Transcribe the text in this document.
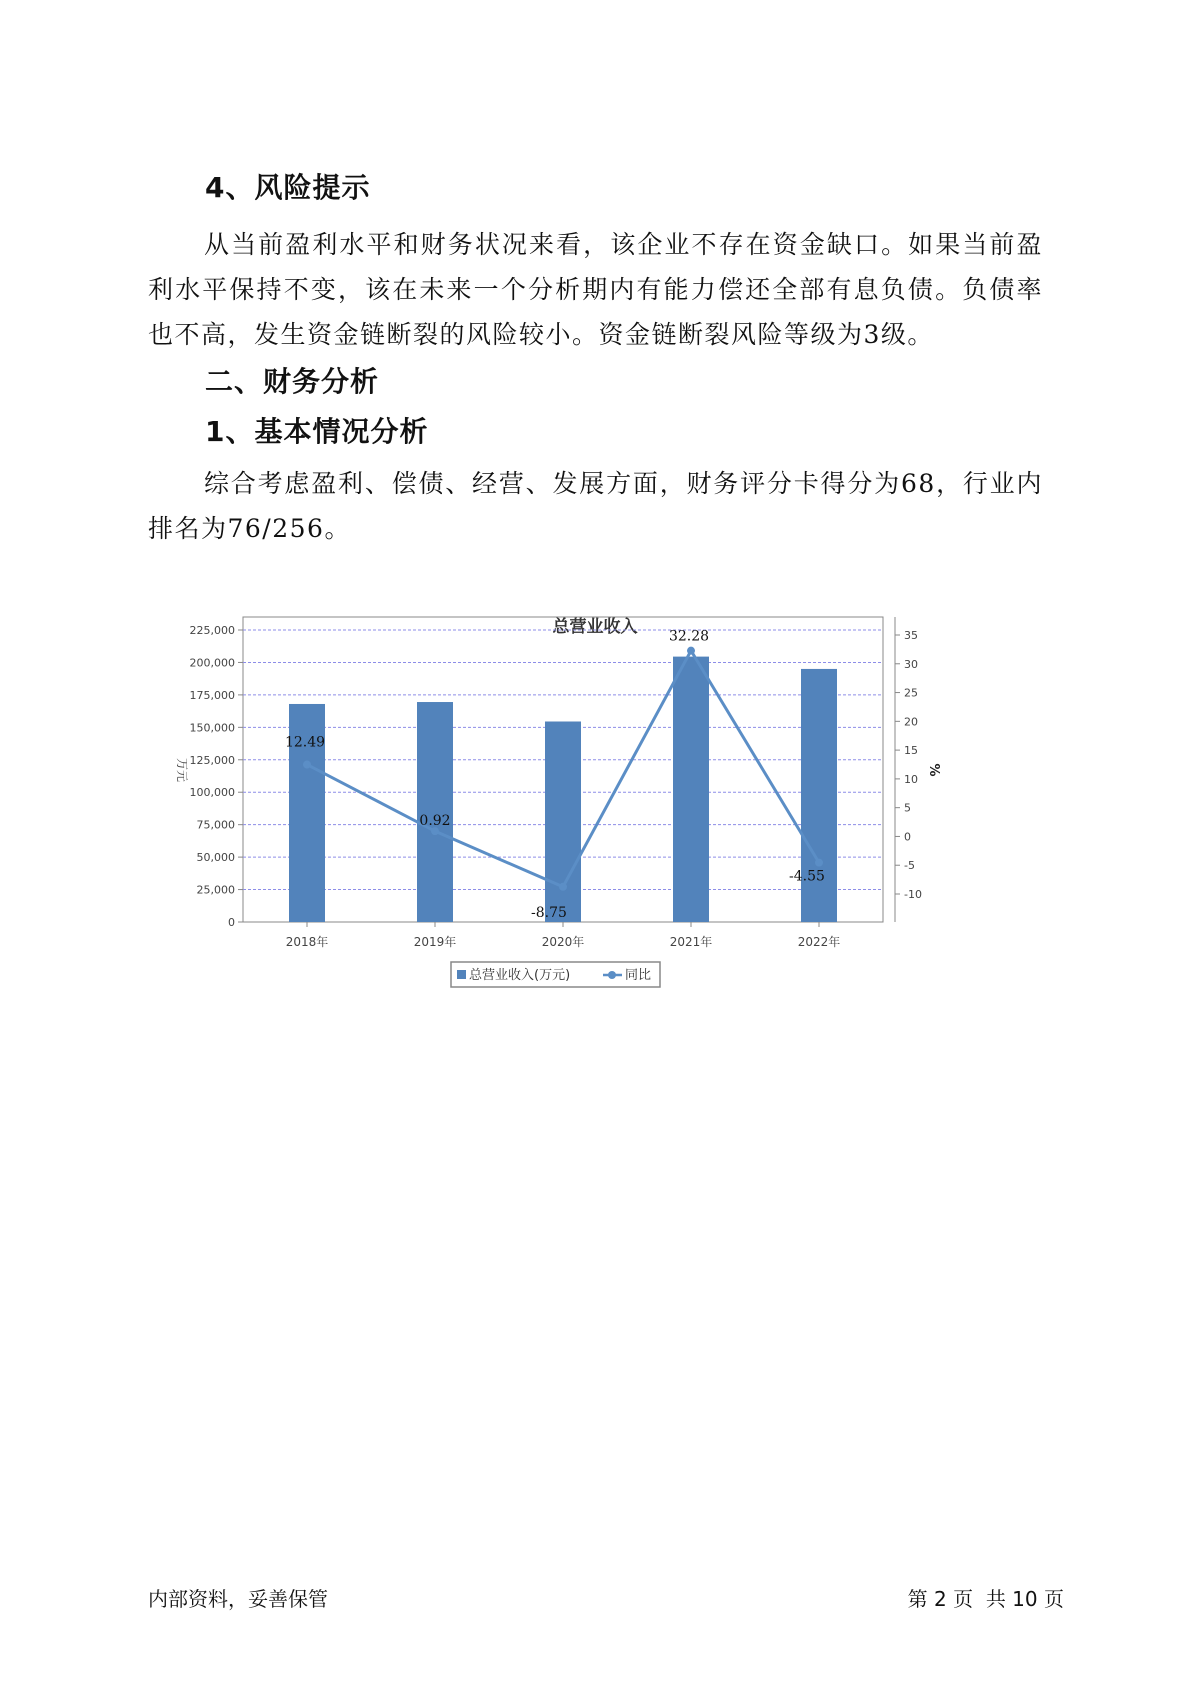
4、风险提示

从当前盈利水平和财务状况来看，该企业不存在资金缺口。如果当前盈利水平保持不变，该在未来一个分析期内有能力偿还全部有息负债。负债率也不高，发生资金链断裂的风险较小。资金链断裂风险等级为3级。

二、财务分析
1、基本情况分析

综合考虑盈利、偿债、经营、发展方面，财务评分卡得分为68，行业内排名为76/256。

总营业收入
0
25,000
50,000
75,000
100,000
125,000
150,000
175,000
200,000
225,000
-10
-5
0
5
10
15
20
25
30
35
万元	%
2018年	2019年	2020年	2021年	2022年
12.49
0.92
-8.75
32.28
-4.55
总营业收入(万元)	同比
内部资料，妥善保管	第 2 页  共 10 页
